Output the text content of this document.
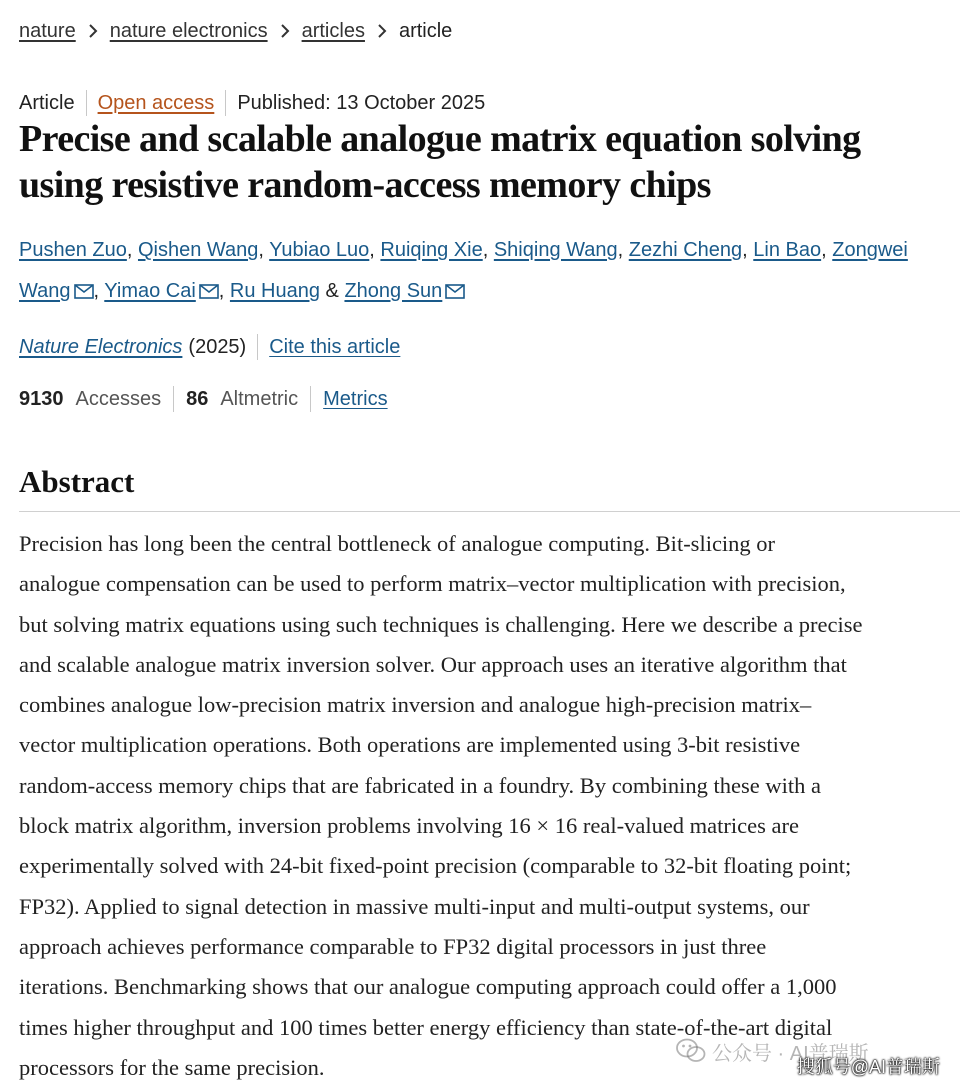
nature nature electronics articles article
Article Open access Published: 13 October 2025
Precise and scalable analogue matrix equation solving
using resistive random-access memory chips
Pushen Zuo, Qishen Wang, Yubiao Luo, Ruiqing Xie, Shiqing Wang, Zezhi Cheng, Lin Bao, Zongwei
Wang , Yimao Cai , Ru Huang & Zhong Sun
Nature Electronics (2025) Cite this article
9130 Accesses 86 Altmetric Metrics
Abstract
Precision has long been the central bottleneck of analogue computing. Bit-slicing or
analogue compensation can be used to perform matrix–vector multiplication with precision,
but solving matrix equations using such techniques is challenging. Here we describe a precise
and scalable analogue matrix inversion solver. Our approach uses an iterative algorithm that
combines analogue low-precision matrix inversion and analogue high-precision matrix–
vector multiplication operations. Both operations are implemented using 3-bit resistive
random-access memory chips that are fabricated in a foundry. By combining these with a
block matrix algorithm, inversion problems involving 16 × 16 real-valued matrices are
experimentally solved with 24-bit fixed-point precision (comparable to 32-bit floating point;
FP32). Applied to signal detection in massive multi-input and multi-output systems, our
approach achieves performance comparable to FP32 digital processors in just three
iterations. Benchmarking shows that our analogue computing approach could offer a 1,000
times higher throughput and 100 times better energy efficiency than state-of-the-art digital
processors for the same precision.
公众号 · AI普瑞斯
搜狐号@AI普瑞斯
